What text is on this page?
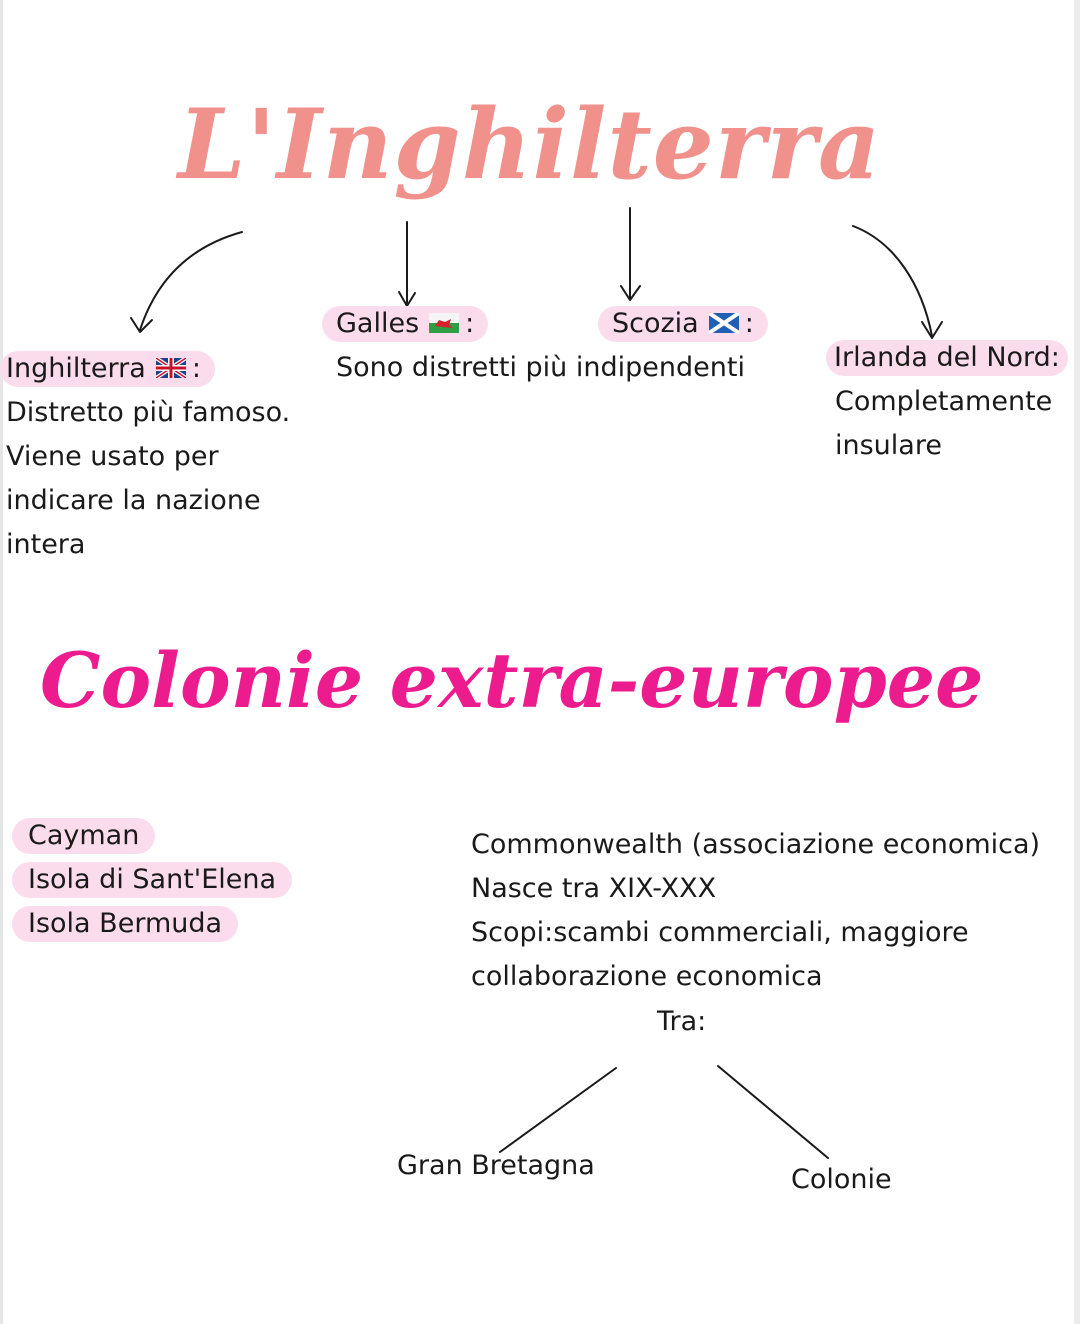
L'Inghilterra
Galles :	Scozia :

Sono distretti più indipendenti

Inghilterra :

Distretto più famoso.

Viene usato per

indicare la nazione

intera

Irlanda del Nord:

Completamente

insulare

Colonie extra-europee
Cayman
Isola di Sant'Elena
Isola Bermuda

Commonwealth (associazione economica)

Nasce tra XIX-XXX

Scopi:scambi commerciali, maggiore

collaborazione economica

Tra:

Gran Bretagna	Colonie
